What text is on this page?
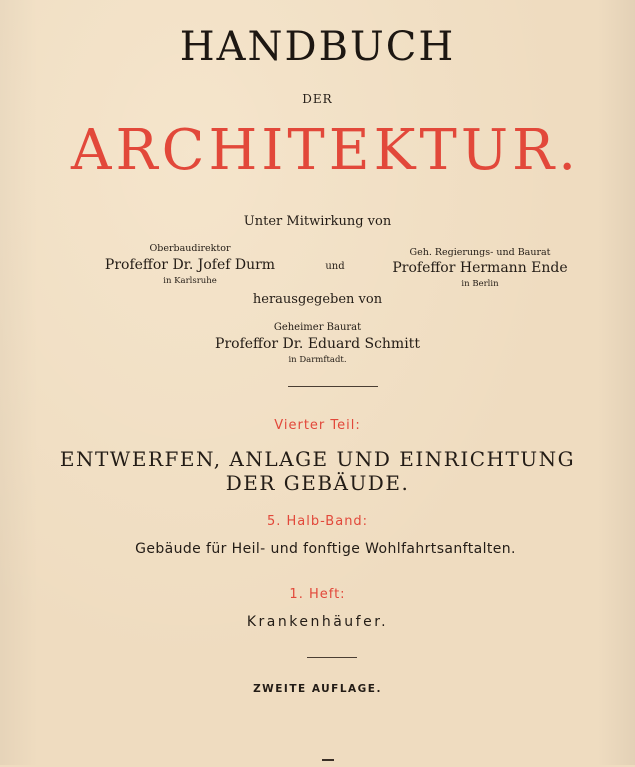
HANDBUCH
DER
ARCHITEKTUR.
Unter Mitwirkung von
Oberbaudirektor
Profeffor Dr. Jofef Durm
in Karlsruhe
und
Geh. Regierungs- und Baurat
Profeffor Hermann Ende
in Berlin
herausgegeben von
Geheimer Baurat
Profeffor Dr. Eduard Schmitt
in Darmftadt.
Vierter Teil:
ENTWERFEN, ANLAGE UND EINRICHTUNG
DER GEBÄUDE.
5. Halb-Band:
Gebäude für Heil- und fonftige Wohlfahrtsanftalten.
1. Heft:
Krankenhäufer.
ZWEITE AUFLAGE.
